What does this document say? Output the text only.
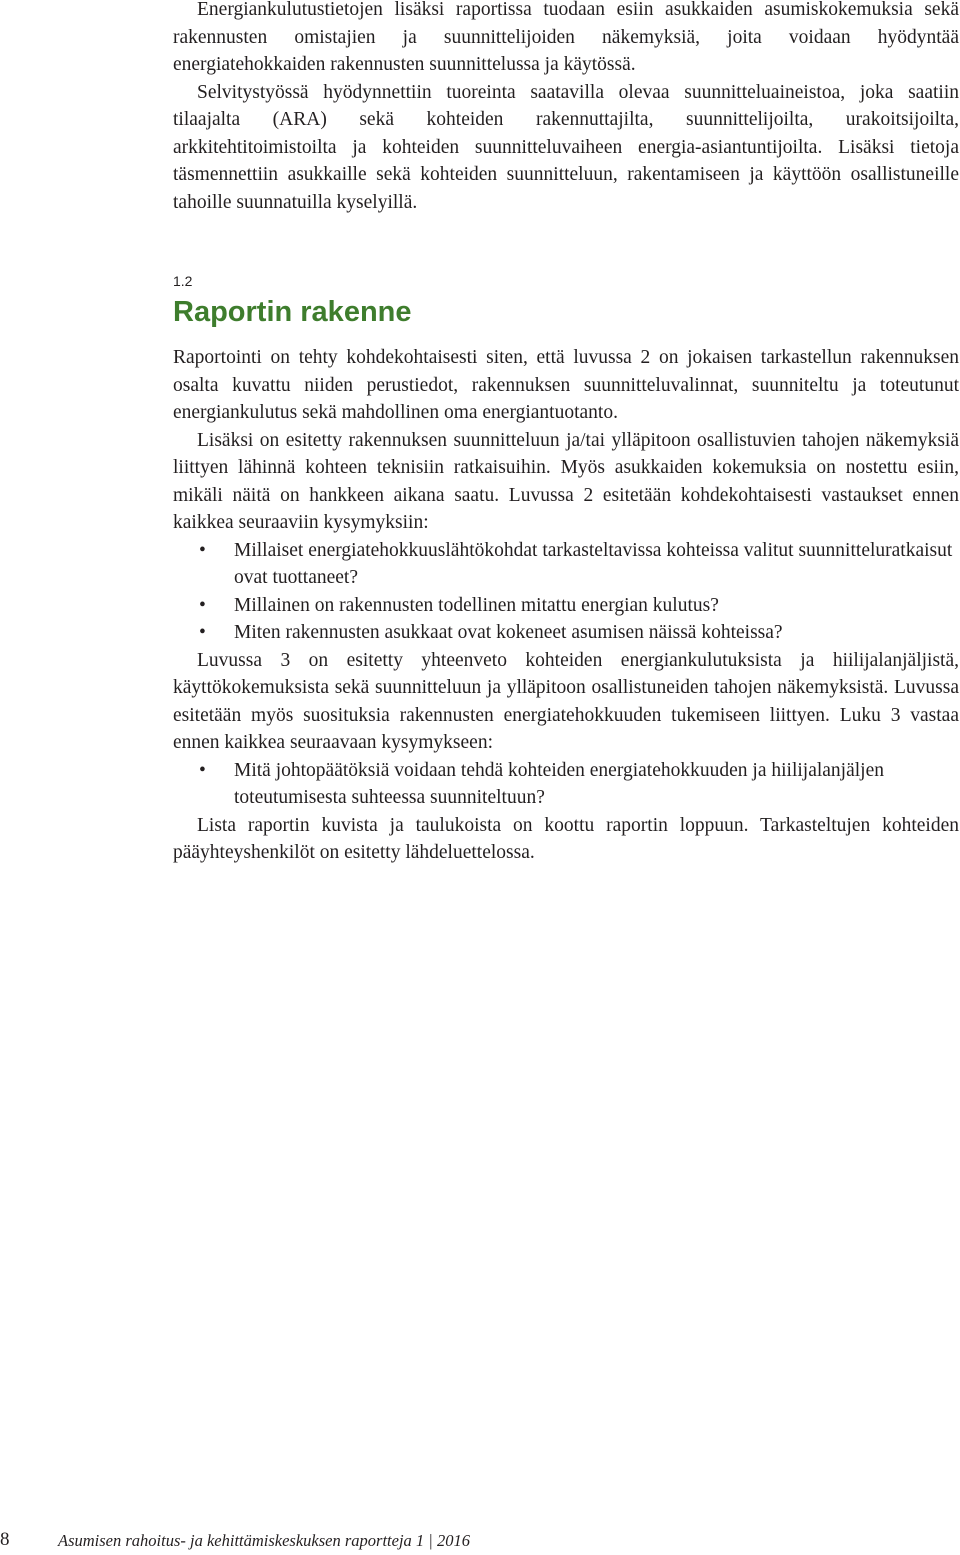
Energiankulutustietojen lisäksi raportissa tuodaan esiin asukkaiden asumiskokemuksia sekä rakennusten omistajien ja suunnittelijoiden näkemyksiä, joita voidaan hyödyntää energiatehokkaiden rakennusten suunnittelussa ja käytössä.

Selvitystyössä hyödynnettiin tuoreinta saatavilla olevaa suunnitteluaineistoa, joka saatiin tilaajalta (ARA) sekä kohteiden rakennuttajilta, suunnittelijoilta, urakoitsijoilta, arkkitehtitoimistoilta ja kohteiden suunnitteluvaiheen energia-asiantuntijoilta. Lisäksi tietoja täsmennettiin asukkaille sekä kohteiden suunnitteluun, rakentamiseen ja käyttöön osallistuneille tahoille suunnatuilla kyselyillä.

1.2
Raportin rakenne

Raportointi on tehty kohdekohtaisesti siten, että luvussa 2 on jokaisen tarkastellun rakennuksen osalta kuvattu niiden perustiedot, rakennuksen suunnitteluvalinnat, suunniteltu ja toteutunut energiankulutus sekä mahdollinen oma energiantuotanto.

Lisäksi on esitetty rakennuksen suunnitteluun ja/tai ylläpitoon osallistuvien tahojen näkemyksiä liittyen lähinnä kohteen teknisiin ratkaisuihin. Myös asukkaiden kokemuksia on nostettu esiin, mikäli näitä on hankkeen aikana saatu. Luvussa 2 esitetään kohdekohtaisesti vastaukset ennen kaikkea seuraaviin kysymyksiin:

• Millaiset energiatehokkuuslähtökohdat tarkasteltavissa kohteissa valitut suunnitteluratkaisut ovat tuottaneet?
• Millainen on rakennusten todellinen mitattu energian kulutus?
• Miten rakennusten asukkaat ovat kokeneet asumisen näissä kohteissa?

Luvussa 3 on esitetty yhteenveto kohteiden energiankulutuksista ja hiilijalanjäljistä, käyttökokemuksista sekä suunnitteluun ja ylläpitoon osallistuneiden tahojen näkemyksistä. Luvussa esitetään myös suosituksia rakennusten energiatehokkuuden tukemiseen liittyen. Luku 3 vastaa ennen kaikkea seuraavaan kysymykseen:

• Mitä johtopäätöksiä voidaan tehdä kohteiden energiatehokkuuden ja hiilijalanjäljen toteutumisesta suhteessa suunniteltuun?

Lista raportin kuvista ja taulukoista on koottu raportin loppuun. Tarkasteltujen kohteiden pääyhteyshenkilöt on esitetty lähdeluettelossa.

8	Asumisen rahoitus- ja kehittämiskeskuksen raportteja 1 | 2016
